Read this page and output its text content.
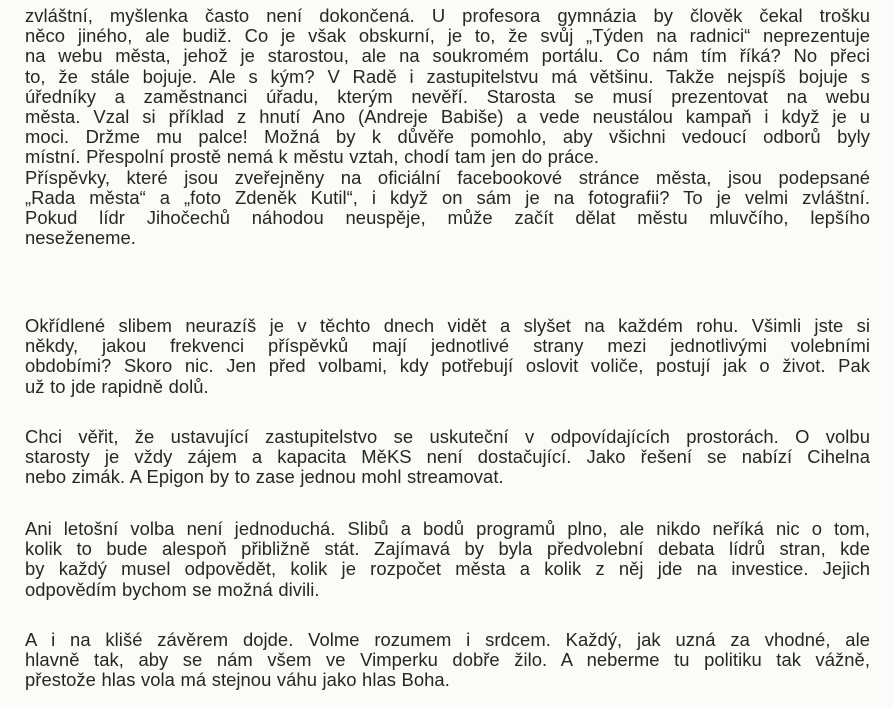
zvláštní, myšlenka často není dokončená. U profesora gymnázia by člověk čekal trošku
něco jiného, ale budiž. Co je však obskurní, je to, že svůj „Týden na radnici“ neprezentuje
na webu města, jehož je starostou, ale na soukromém portálu. Co nám tím říká? No přeci
to, že stále bojuje. Ale s kým? V Radě i zastupitelstvu má většinu. Takže nejspíš bojuje s
úředníky a zaměstnanci úřadu, kterým nevěří. Starosta se musí prezentovat na webu
města. Vzal si příklad z hnutí Ano (Andreje Babiše) a vede neustálou kampaň i když je u
moci. Držme mu palce! Možná by k důvěře pomohlo, aby všichni vedoucí odborů byly
místní. Přespolní prostě nemá k městu vztah, chodí tam jen do práce.
Příspěvky, které jsou zveřejněny na oficiální facebookové stránce města, jsou podepsané
„Rada města“ a „foto Zdeněk Kutil“, i když on sám je na fotografii? To je velmi zvláštní.
Pokud lídr Jihočechů náhodou neuspěje, může začít dělat městu mluvčího, lepšího
neseženeme.
Okřídlené slibem neurazíš je v těchto dnech vidět a slyšet na každém rohu. Všimli jste si
někdy, jakou frekvenci příspěvků mají jednotlivé strany mezi jednotlivými volebními
obdobími? Skoro nic. Jen před volbami, kdy potřebují oslovit voliče, postují jak o život. Pak
už to jde rapidně dolů.
Chci věřit, že ustavující zastupitelstvo se uskuteční v odpovídajících prostorách. O volbu
starosty je vždy zájem a kapacita MěKS není dostačující. Jako řešení se nabízí Cihelna
nebo zimák. A Epigon by to zase jednou mohl streamovat.
Ani letošní volba není jednoduchá. Slibů a bodů programů plno, ale nikdo neříká nic o tom,
kolik to bude alespoň přibližně stát. Zajímavá by byla předvolební debata lídrů stran, kde
by každý musel odpovědět, kolik je rozpočet města a kolik z něj jde na investice. Jejich
odpovědím bychom se možná divili.
A i na klišé závěrem dojde. Volme rozumem i srdcem. Každý, jak uzná za vhodné, ale
hlavně tak, aby se nám všem ve Vimperku dobře žilo. A neberme tu politiku tak vážně,
přestože hlas vola má stejnou váhu jako hlas Boha.
